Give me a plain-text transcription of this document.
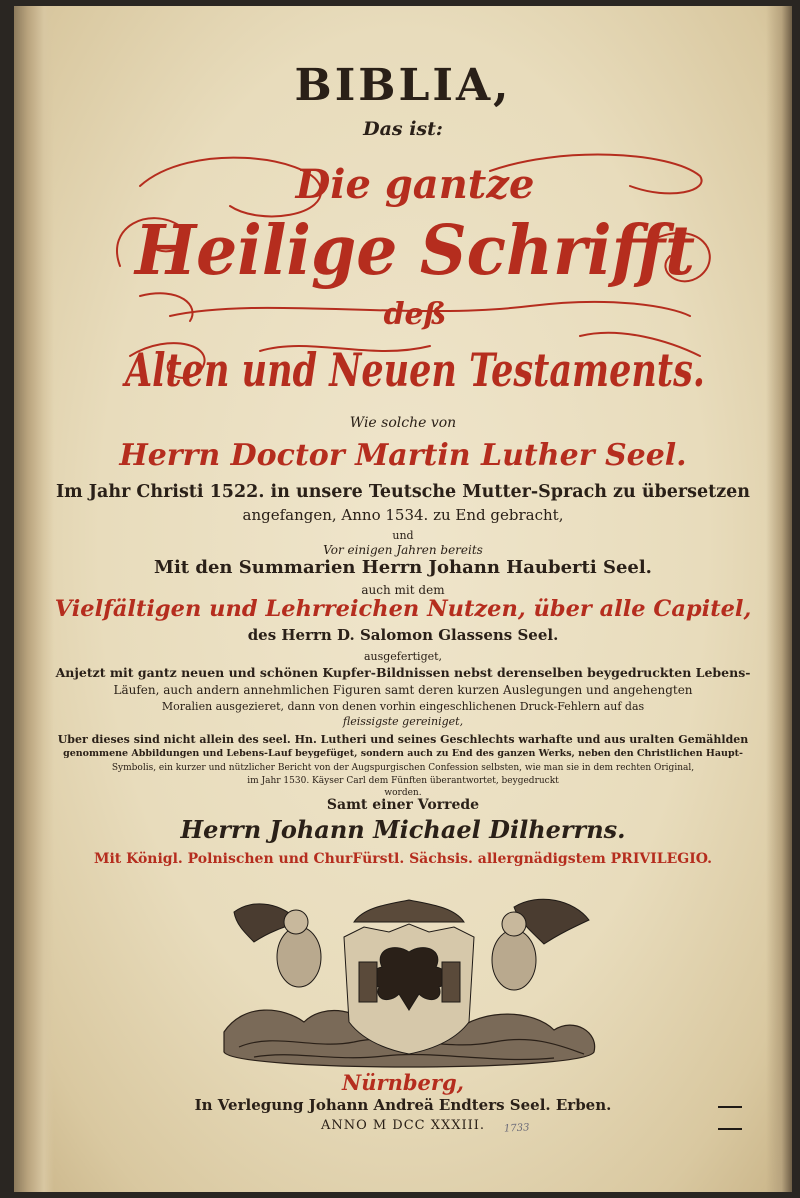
BIBLIA,
Das ist:
Die gantze
Heilige Schrifft
deß
Alten und Neuen Testaments.
Wie solche von
Herrn Doctor Martin Luther Seel.
Im Jahr Christi 1522. in unsere Teutsche Mutter-Sprach zu übersetzen
angefangen, Anno 1534. zu End gebracht,
und
Vor einigen Jahren bereits
Mit den Summarien Herrn Johann Hauberti Seel.
auch mit dem
Vielfältigen und Lehrreichen Nutzen, über alle Capitel,
des Herrn D. Salomon Glassens Seel.
ausgefertiget,
Anjetzt mit gantz neuen und schönen Kupfer-Bildnissen nebst derenselben beygedruckten Lebens-
Läufen, auch andern annehmlichen Figuren samt deren kurzen Auslegungen und angehengten
Moralien ausgezieret, dann von denen vorhin eingeschlichenen Druck-Fehlern auf das
fleissigste gereiniget,
Uber dieses sind nicht allein des seel. Hn. Lutheri und seines Geschlechts warhafte und aus uralten Gemählden
genommene Abbildungen und Lebens-Lauf beygefüget, sondern auch zu End des ganzen Werks, neben den Christlichen Haupt-
Symbolis, ein kurzer und nützlicher Bericht von der Augspurgischen Confession selbsten, wie man sie in dem rechten Original,
im Jahr 1530. Käyser Carl dem Fünften überantwortet, beygedruckt
worden.
Samt einer Vorrede
Herrn Johann Michael Dilherrns.
Mit Königl. Polnischen und ChurFürstl. Sächsis. allergnädigstem PRIVILEGIO.
Nürnberg,
In Verlegung Johann Andreä Endters Seel. Erben.
ANNO M DCC XXXIII.	1733
